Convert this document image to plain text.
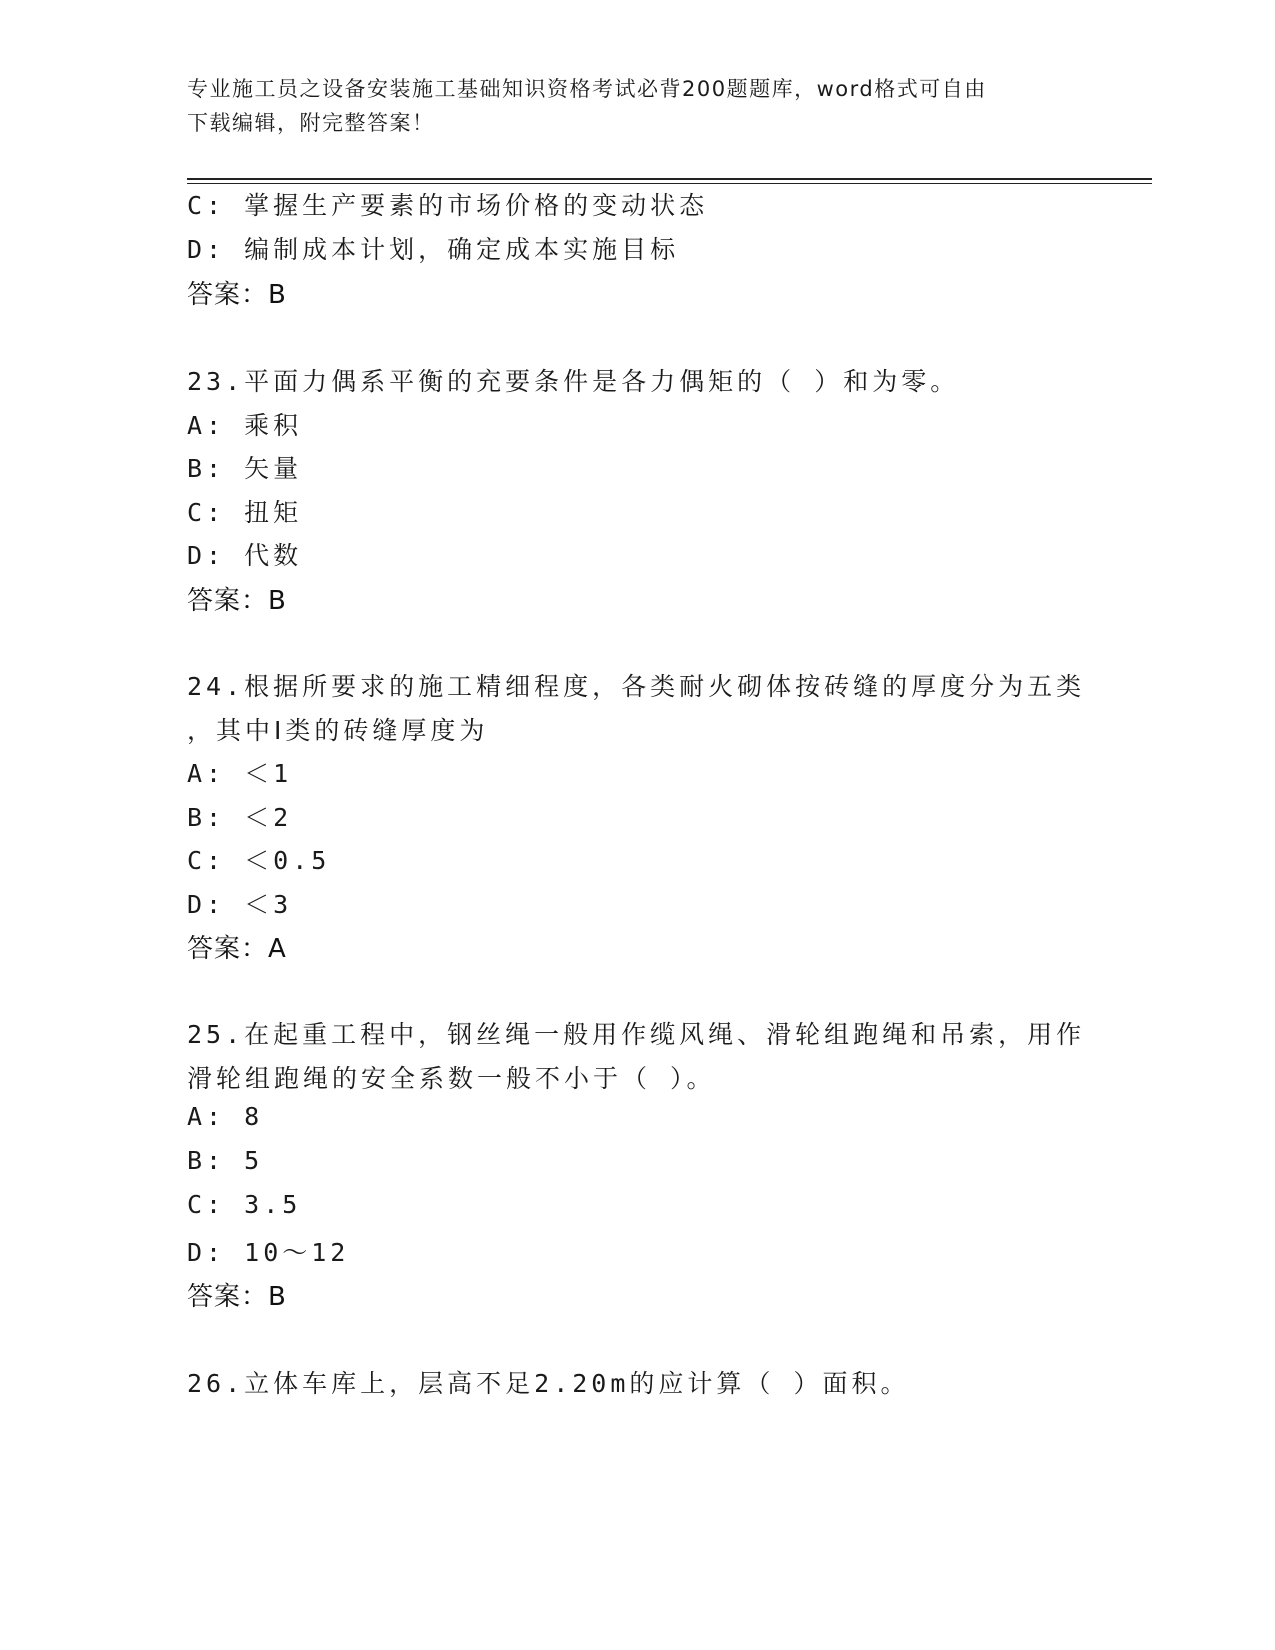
专业施工员之设备安装施工基础知识资格考试必背200题题库，word格式可自由
下载编辑，附完整答案！
C: 掌握生产要素的市场价格的变动状态
D: 编制成本计划，确定成本实施目标
答案：B
23.平面力偶系平衡的充要条件是各力偶矩的（ ）和为零。
A: 乘积
B: 矢量
C: 扭矩
D: 代数
答案：B
24.根据所要求的施工精细程度，各类耐火砌体按砖缝的厚度分为五类
，其中Ⅰ类的砖缝厚度为
A: ＜1
B: ＜2
C: ＜0.5
D: ＜3
答案：A
25.在起重工程中，钢丝绳一般用作缆风绳、滑轮组跑绳和吊索，用作
滑轮组跑绳的安全系数一般不小于（ ）。
A: 8
B: 5
C: 3.5
D: 10～12
答案：B
26.立体车库上，层高不足2.20m的应计算（ ）面积。
